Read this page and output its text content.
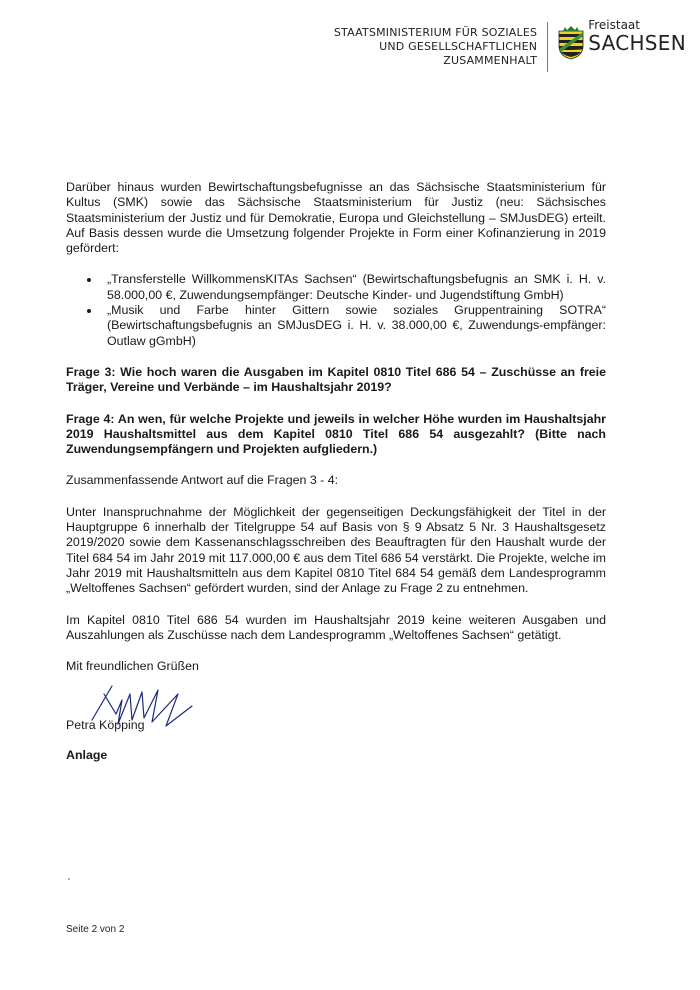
STAATSMINISTERIUM FÜR SOZIALES
UND GESELLSCHAFTLICHEN
ZUSAMMENHALT
Freistaat
SACHSEN

Darüber hinaus wurden Bewirtschaftungsbefugnisse an das Sächsische Staatsministerium für Kultus (SMK) sowie das Sächsische Staatsministerium für Justiz (neu: Sächsisches Staatsministerium der Justiz und für Demokratie, Europa und Gleichstellung – SMJusDEG) erteilt. Auf Basis dessen wurde die Umsetzung folgender Projekte in Form einer Kofinanzierung in 2019 gefördert:

• „Transferstelle WillkommensKITAs Sachsen“ (Bewirtschaftungsbefugnis an SMK i. H. v. 58.000,00 €, Zuwendungsempfänger: Deutsche Kinder- und Jugendstiftung GmbH)
• „Musik und Farbe hinter Gittern sowie soziales Gruppentraining SOTRA“ (Bewirtschaftungsbefugnis an SMJusDEG i. H. v. 38.000,00 €, Zuwendungs-empfänger: Outlaw gGmbH)

Frage 3: Wie hoch waren die Ausgaben im Kapitel 0810 Titel 686 54 – Zuschüsse an freie Träger, Vereine und Verbände – im Haushaltsjahr 2019?

Frage 4: An wen, für welche Projekte und jeweils in welcher Höhe wurden im Haushaltsjahr 2019 Haushaltsmittel aus dem Kapitel 0810 Titel 686 54 ausgezahlt? (Bitte nach Zuwendungsempfängern und Projekten aufgliedern.)

Zusammenfassende Antwort auf die Fragen 3 - 4:

Unter Inanspruchnahme der Möglichkeit der gegenseitigen Deckungsfähigkeit der Titel in der Hauptgruppe 6 innerhalb der Titelgruppe 54 auf Basis von § 9 Absatz 5 Nr. 3 Haushaltsgesetz 2019/2020 sowie dem Kassenanschlagsschreiben des Beauftragten für den Haushalt wurde der Titel 684 54 im Jahr 2019 mit 117.000,00 € aus dem Titel 686 54 verstärkt. Die Projekte, welche im Jahr 2019 mit Haushaltsmitteln aus dem Kapitel 0810 Titel 684 54 gemäß dem Landesprogramm „Weltoffenes Sachsen“ gefördert wurden, sind der Anlage zu Frage 2 zu entnehmen.

Im Kapitel 0810 Titel 686 54 wurden im Haushaltsjahr 2019 keine weiteren Ausgaben und Auszahlungen als Zuschüsse nach dem Landesprogramm „Weltoffenes Sachsen“ getätigt.

Mit freundlichen Grüßen

Petra Köpping
Anlage
Seite 2 von 2
